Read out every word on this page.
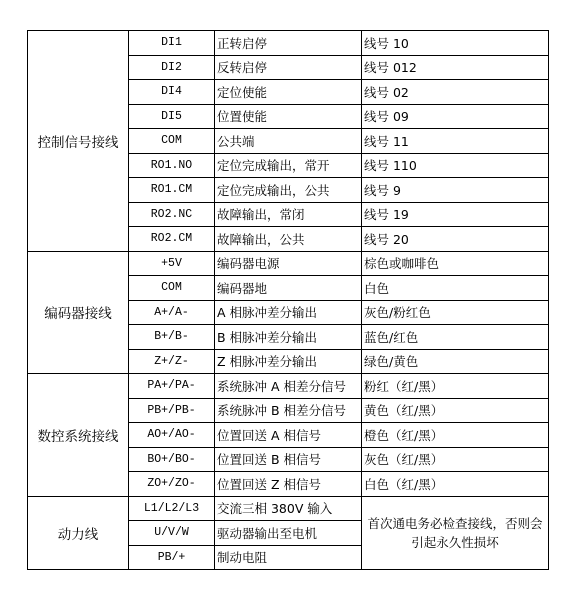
控制信号接线	DI1	正转启停	线号 10
	DI2	反转启停	线号 012
	DI4	定位使能	线号 02
	DI5	位置使能	线号 09
	COM	公共端	线号 11
	RO1.NO	定位完成输出，常开	线号 110
	RO1.CM	定位完成输出，公共	线号 9
	RO2.NC	故障输出，常闭	线号 19
	RO2.CM	故障输出，公共	线号 20
编码器接线	+5V	编码器电源	棕色或咖啡色
	COM	编码器地	白色
	A+/A-	A 相脉冲差分输出	灰色/粉红色
	B+/B-	B 相脉冲差分输出	蓝色/红色
	Z+/Z-	Z 相脉冲差分输出	绿色/黄色
数控系统接线	PA+/PA-	系统脉冲 A 相差分信号	粉红（红/黑）
	PB+/PB-	系统脉冲 B 相差分信号	黄色（红/黑）
	AO+/AO-	位置回送 A 相信号	橙色（红/黑）
	BO+/BO-	位置回送 B 相信号	灰色（红/黑）
	ZO+/ZO-	位置回送 Z 相信号	白色（红/黑）
动力线	L1/L2/L3	交流三相 380V 输入	首次通电务必检查接线，否则会引起永久性损坏
	U/V/W	驱动器输出至电机	
	PB/+	制动电阻	
